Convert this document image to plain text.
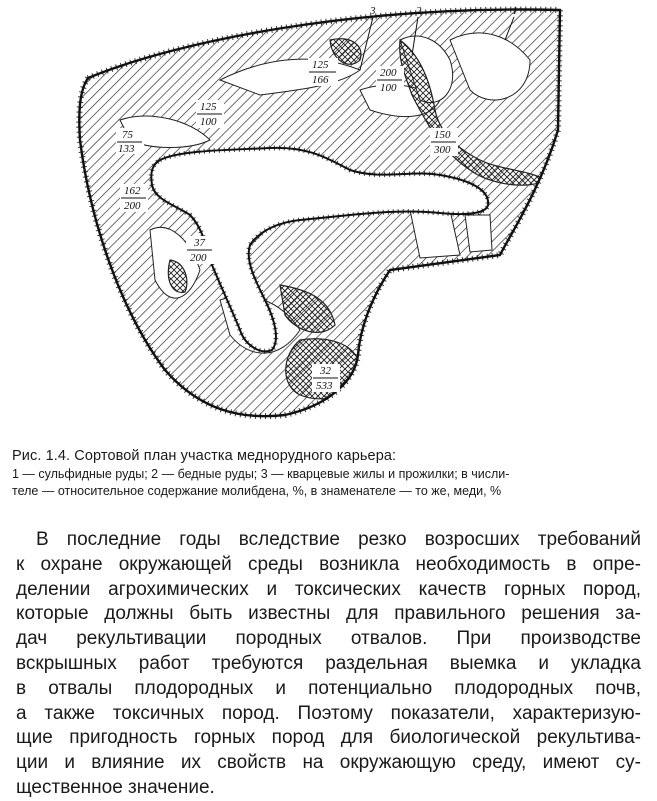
3	2	1
125
166
200
100
125
100
75
133
150
300
162
200
37
200
32
533
Рис. 1.4. Сортовой план участка меднорудного карьера:
1 — сульфидные руды; 2 — бедные руды; 3 — кварцевые жилы и прожилки; в числи-
теле — относительное содержание молибдена, %, в знаменателе — то же, меди, %
В последние годы вследствие резко возросших требований
к охране окружающей среды возникла необходимость в опре-
делении агрохимических и токсических качеств горных пород,
которые должны быть известны для правильного решения за-
дач рекультивации породных отвалов. При производстве
вскрышных работ требуются раздельная выемка и укладка
в отвалы плодородных и потенциально плодородных почв,
а также токсичных пород. Поэтому показатели, характеризую-
щие пригодность горных пород для биологической рекультива-
ции и влияние их свойств на окружающую среду, имеют су-
щественное значение.
